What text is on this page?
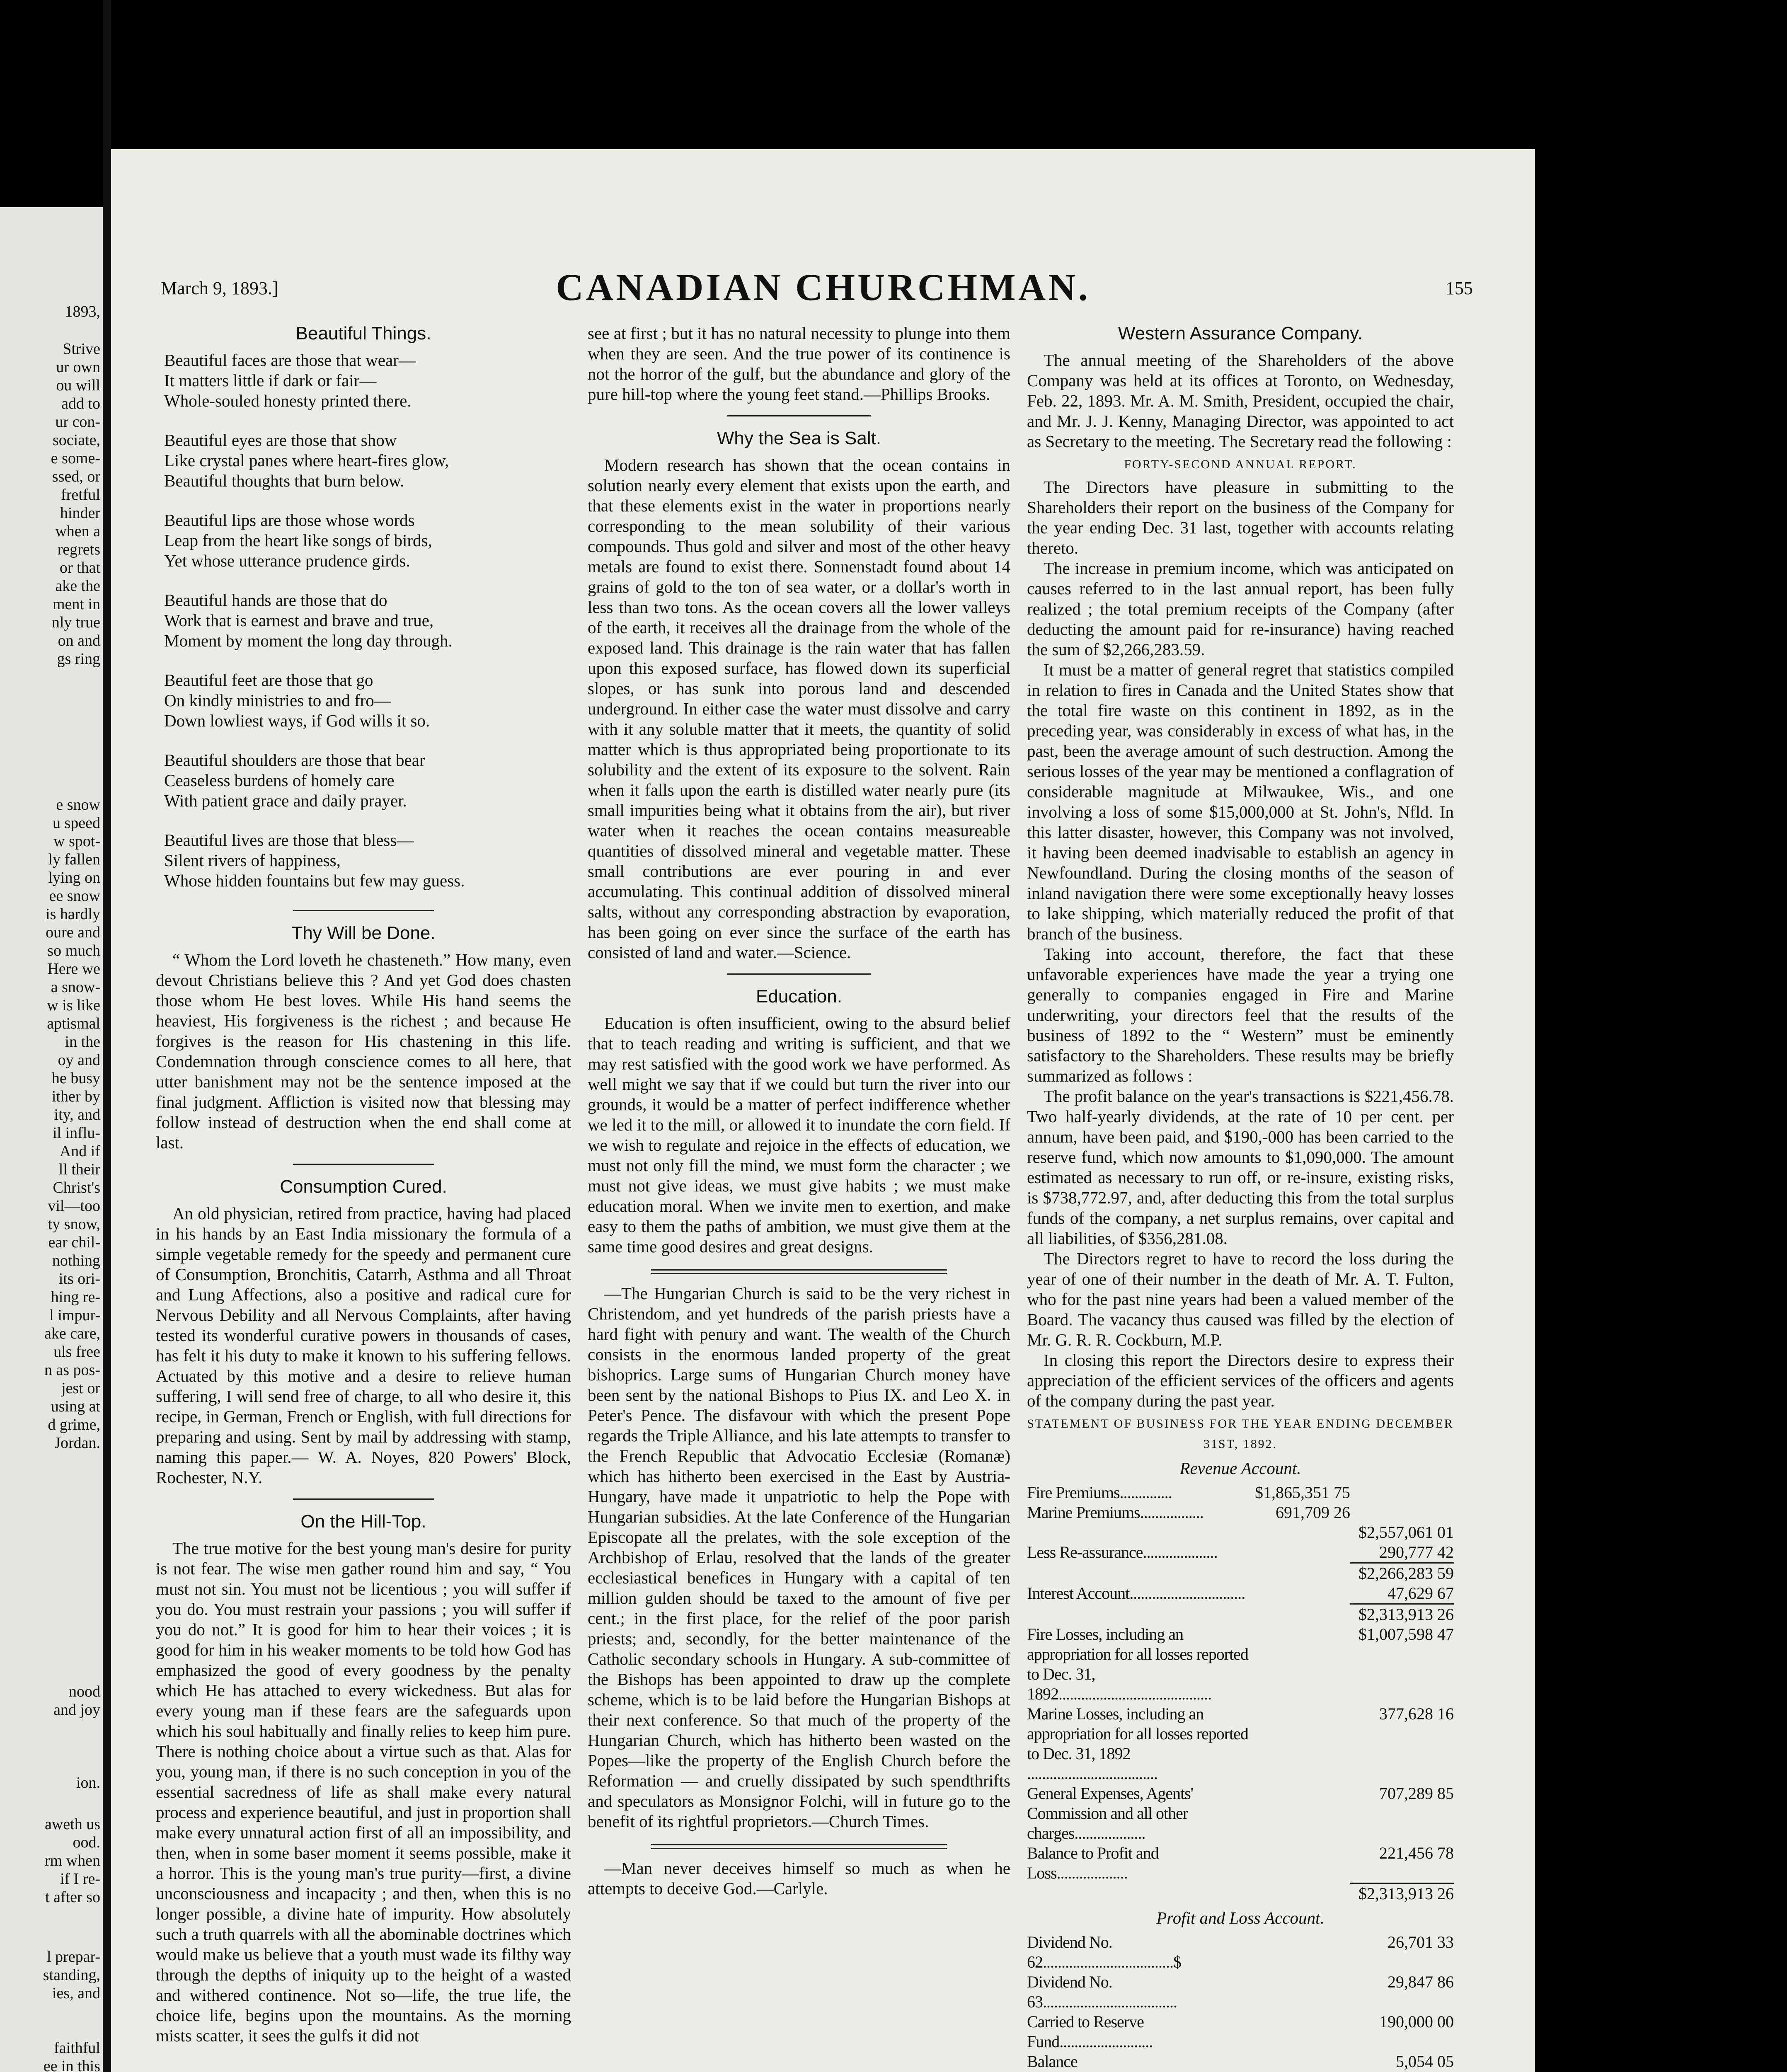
1893,
Strive
ur own
ou will
add to
ur con-
sociate,
e some-
ssed, or
fretful
hinder
when a
regrets
or that
ake the
ment in
nly true
on and
gs ring
e snow
u speed
w spot-
ly fallen
lying on
ee snow
is hardly
oure and
so much
Here we
a snow-
w is like
aptismal
in the
oy and
he busy
ither by
ity, and
il influ-
And if
ll their
Christ's
vil—too
ty snow,
ear chil-
nothing
its ori-
hing re-
l impur-
ake care,
uls free
n as pos-
jest or
using at
d grime,
Jordan.
nood
and joy
ion.
aweth us
ood.
rm when
if I re-
t after so
l prepar-
standing,
ies, and
faithful
ee in this
March 9, 1893.]	CANADIAN CHURCHMAN.	155
Beautiful Things.
Beautiful faces are those that wear—
It matters little if dark or fair—
Whole-souled honesty printed there.
Beautiful eyes are those that show
Like crystal panes where heart-fires glow,
Beautiful thoughts that burn below.
Beautiful lips are those whose words
Leap from the heart like songs of birds,
Yet whose utterance prudence girds.
Beautiful hands are those that do
Work that is earnest and brave and true,
Moment by moment the long day through.
Beautiful feet are those that go
On kindly ministries to and fro—
Down lowliest ways, if God wills it so.
Beautiful shoulders are those that bear
Ceaseless burdens of homely care
With patient grace and daily prayer.
Beautiful lives are those that bless—
Silent rivers of happiness,
Whose hidden fountains but few may guess.
Thy Will be Done.

“ Whom the Lord loveth he chasteneth.” How many, even devout Christians believe this ? And yet God does chasten those whom He best loves. While His hand seems the heaviest, His forgiveness is the richest ; and because He forgives is the reason for His chastening in this life. Condemnation through conscience comes to all here, that utter banishment may not be the sentence imposed at the final judgment. Affliction is visited now that blessing may follow instead of destruction when the end shall come at last.

Consumption Cured.

An old physician, retired from practice, having had placed in his hands by an East India missionary the formula of a simple vegetable remedy for the speedy and permanent cure of Consumption, Bronchitis, Catarrh, Asthma and all Throat and Lung Affections, also a positive and radical cure for Nervous Debility and all Nervous Complaints, after having tested its wonderful curative powers in thousands of cases, has felt it his duty to make it known to his suffering fellows. Actuated by this motive and a desire to relieve human suffering, I will send free of charge, to all who desire it, this recipe, in German, French or English, with full directions for preparing and using. Sent by mail by addressing with stamp, naming this paper.— W. A. Noyes, 820 Powers' Block, Rochester, N.Y.

On the Hill-Top.

The true motive for the best young man's desire for purity is not fear. The wise men gather round him and say, “ You must not sin. You must not be licentious ; you will suffer if you do. You must restrain your passions ; you will suffer if you do not.” It is good for him to hear their voices ; it is good for him in his weaker moments to be told how God has emphasized the good of every goodness by the penalty which He has attached to every wickedness. But alas for every young man if these fears are the safeguards upon which his soul habitually and finally relies to keep him pure. There is nothing choice about a virtue such as that. Alas for you, young man, if there is no such conception in you of the essential sacredness of life as shall make every natural process and experience beautiful, and just in proportion shall make every unnatural action first of all an impossibility, and then, when in some baser moment it seems possible, make it a horror. This is the young man's true purity—first, a divine unconsciousness and incapacity ; and then, when this is no longer possible, a divine hate of impurity. How absolutely such a truth quarrels with all the abominable doctrines which would make us believe that a youth must wade its filthy way through the depths of iniquity up to the height of a wasted and withered continence. Not so—life, the true life, the choice life, begins upon the mountains. As the morning mists scatter, it sees the gulfs it did not

see at first ; but it has no natural necessity to plunge into them when they are seen. And the true power of its continence is not the horror of the gulf, but the abundance and glory of the pure hill-top where the young feet stand.—Phillips Brooks.

Why the Sea is Salt.

Modern research has shown that the ocean contains in solution nearly every element that exists upon the earth, and that these elements exist in the water in proportions nearly corresponding to the mean solubility of their various compounds. Thus gold and silver and most of the other heavy metals are found to exist there. Sonnenstadt found about 14 grains of gold to the ton of sea water, or a dollar's worth in less than two tons. As the ocean covers all the lower valleys of the earth, it receives all the drainage from the whole of the exposed land. This drainage is the rain water that has fallen upon this exposed surface, has flowed down its superficial slopes, or has sunk into porous land and descended underground. In either case the water must dissolve and carry with it any soluble matter that it meets, the quantity of solid matter which is thus appropriated being proportionate to its solubility and the extent of its exposure to the solvent. Rain when it falls upon the earth is distilled water nearly pure (its small impurities being what it obtains from the air), but river water when it reaches the ocean contains measureable quantities of dissolved mineral and vegetable matter. These small contributions are ever pouring in and ever accumulating. This continual addition of dissolved mineral salts, without any corresponding abstraction by evaporation, has been going on ever since the surface of the earth has consisted of land and water.—Science.

Education.

Education is often insufficient, owing to the absurd belief that to teach reading and writing is sufficient, and that we may rest satisfied with the good work we have performed. As well might we say that if we could but turn the river into our grounds, it would be a matter of perfect indifference whether we led it to the mill, or allowed it to inundate the corn field. If we wish to regulate and rejoice in the effects of education, we must not only fill the mind, we must form the character ; we must not give ideas, we must give habits ; we must make education moral. When we invite men to exertion, and make easy to them the paths of ambition, we must give them at the same time good desires and great designs.

—The Hungarian Church is said to be the very richest in Christendom, and yet hundreds of the parish priests have a hard fight with penury and want. The wealth of the Church consists in the enormous landed property of the great bishoprics. Large sums of Hungarian Church money have been sent by the national Bishops to Pius IX. and Leo X. in Peter's Pence. The disfavour with which the present Pope regards the Triple Alliance, and his late attempts to transfer to the French Republic that Advocatio Ecclesiæ (Romanæ) which has hitherto been exercised in the East by Austria-Hungary, have made it unpatriotic to help the Pope with Hungarian subsidies. At the late Conference of the Hungarian Episcopate all the prelates, with the sole exception of the Archbishop of Erlau, resolved that the lands of the greater ecclesiastical benefices in Hungary with a capital of ten million gulden should be taxed to the amount of five per cent.; in the first place, for the relief of the poor parish priests; and, secondly, for the better maintenance of the Catholic secondary schools in Hungary. A sub-committee of the Bishops has been appointed to draw up the complete scheme, which is to be laid before the Hungarian Bishops at their next conference. So that much of the property of the Hungarian Church, which has hitherto been wasted on the Popes—like the property of the English Church before the Reformation — and cruelly dissipated by such spendthrifts and speculators as Monsignor Folchi, will in future go to the benefit of its rightful proprietors.—Church Times.

—Man never deceives himself so much as when he attempts to deceive God.—Carlyle.

Western Assurance Company.

The annual meeting of the Shareholders of the above Company was held at its offices at Toronto, on Wednesday, Feb. 22, 1893. Mr. A. M. Smith, President, occupied the chair, and Mr. J. J. Kenny, Managing Director, was appointed to act as Secretary to the meeting. The Secretary read the following :

FORTY-SECOND ANNUAL REPORT.

The Directors have pleasure in submitting to the Shareholders their report on the business of the Company for the year ending Dec. 31 last, together with accounts relating thereto.

The increase in premium income, which was anticipated on causes referred to in the last annual report, has been fully realized ; the total premium receipts of the Company (after deducting the amount paid for re-insurance) having reached the sum of $2,266,283.59.

It must be a matter of general regret that statistics compiled in relation to fires in Canada and the United States show that the total fire waste on this continent in 1892, as in the preceding year, was considerably in excess of what has, in the past, been the average amount of such destruction. Among the serious losses of the year may be mentioned a conflagration of considerable magnitude at Milwaukee, Wis., and one involving a loss of some $15,000,000 at St. John's, Nfld. In this latter disaster, however, this Company was not involved, it having been deemed inadvisable to establish an agency in Newfoundland. During the closing months of the season of inland navigation there were some exceptionally heavy losses to lake shipping, which materially reduced the profit of that branch of the business.

Taking into account, therefore, the fact that these unfavorable experiences have made the year a trying one generally to companies engaged in Fire and Marine underwriting, your directors feel that the results of the business of 1892 to the “ Western” must be eminently satisfactory to the Shareholders. These results may be briefly summarized as follows :

The profit balance on the year's transactions is $221,456.78. Two half-yearly dividends, at the rate of 10 per cent. per annum, have been paid, and $190,-000 has been carried to the reserve fund, which now amounts to $1,090,000. The amount estimated as necessary to run off, or re-insure, existing risks, is $738,772.97, and, after deducting this from the total surplus funds of the company, a net surplus remains, over capital and all liabilities, of $356,281.08.

The Directors regret to have to record the loss during the year of one of their number in the death of Mr. A. T. Fulton, who for the past nine years had been a valued member of the Board. The vacancy thus caused was filled by the election of Mr. G. R. R. Cockburn, M.P.

In closing this report the Directors desire to express their appreciation of the efficient services of the officers and agents of the company during the past year.

STATEMENT OF BUSINESS FOR THE YEAR ENDING DECEMBER 31ST, 1892.
Revenue Account.
Fire Premiums..............	$1,865,351 75	
Marine Premiums.................	691,709 26	
		$2,557,061 01
Less Re-assurance....................		290,777 42
		$2,266,283 59
Interest Account...............................		47,629 67
		$2,313,913 26
Fire Losses, including an appropriation for all losses reported to Dec. 31, 1892.........................................		$1,007,598 47
Marine Losses, including an appropriation for all losses reported to Dec. 31, 1892 ...................................		377,628 16
General Expenses, Agents' Commission and all other charges...................		707,289 85
Balance to Profit and Loss...................		221,456 78
		$2,313,913 26
Profit and Loss Account.
Dividend No. 62...................................$		26,701 33
Dividend No. 63....................................		29,847 86
Carried to Reserve Fund.........................		190,000 00
Balance		5,054 05
